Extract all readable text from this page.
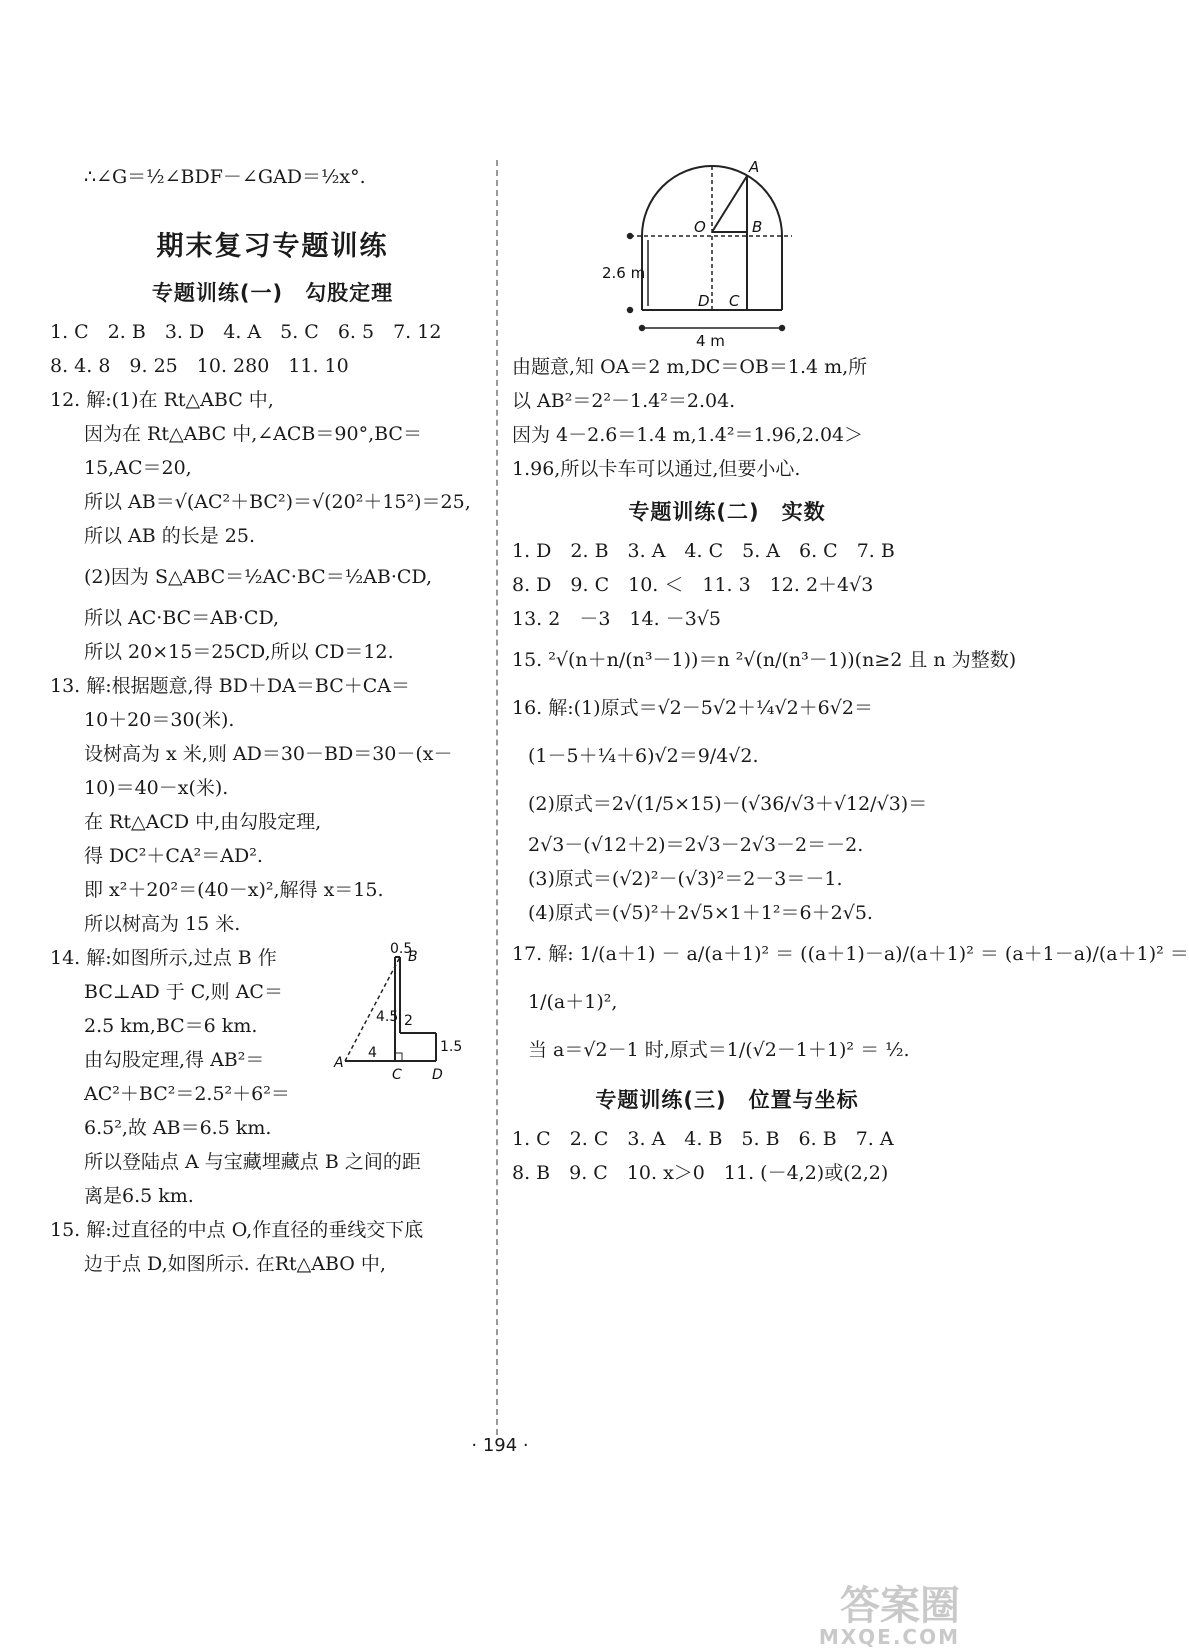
∴∠G＝½∠BDF－∠GAD＝½x°.
期末复习专题训练
专题训练(一)　勾股定理
1. C　2. B　3. D　4. A　5. C　6. 5　7. 12
8. 4. 8　9. 25　10. 280　11. 10
12. 解:(1)在 Rt△ABC 中,
因为在 Rt△ABC 中,∠ACB＝90°,BC＝
15,AC＝20,
所以 AB＝√(AC²＋BC²)＝√(20²＋15²)＝25,
所以 AB 的长是 25.
(2)因为 S△ABC＝½AC·BC＝½AB·CD,
所以 AC·BC＝AB·CD,
所以 20×15＝25CD,所以 CD＝12.
13. 解:根据题意,得 BD＋DA＝BC＋CA＝
10＋20＝30(米).
设树高为 x 米,则 AD＝30－BD＝30－(x－
10)＝40－x(米).
在 Rt△ACD 中,由勾股定理,
得 DC²＋CA²＝AD².
即 x²＋20²＝(40－x)²,解得 x＝15.
所以树高为 15 米.
14. 解:如图所示,过点 B 作
BC⊥AD 于 C,则 AC＝
2.5 km,BC＝6 km.
由勾股定理,得 AB²＝
AC²＋BC²＝2.5²＋6²＝
6.5²,故 AB＝6.5 km.
所以登陆点 A 与宝藏埋藏点 B 之间的距
离是6.5 km.
0.5
B
4.5 2
1.5
4
A
C D
15. 解:过直径的中点 O,作直径的垂线交下底
边于点 D,如图所示. 在Rt△ABO 中,
A
O	B
D C
2.6 m
4 m
由题意,知 OA＝2 m,DC＝OB＝1.4 m,所
以 AB²＝2²－1.4²＝2.04.
因为 4－2.6＝1.4 m,1.4²＝1.96,2.04＞
1.96,所以卡车可以通过,但要小心.
专题训练(二)　实数
1. D　2. B　3. A　4. C　5. A　6. C　7. B
8. D　9. C　10. ＜　11. 3　12. 2＋4√3
13. 2　－3　14. －3√5
15. ²√(n＋n/(n³－1))＝n ²√(n/(n³－1))(n≥2 且 n 为整数)
16. 解:(1)原式＝√2－5√2＋¼√2＋6√2＝
(1－5＋¼＋6)√2＝9/4√2.
(2)原式＝2√(1/5×15)－(√36/√3＋√12/√3)＝
2√3－(√12＋2)＝2√3－2√3－2＝－2.
(3)原式＝(√2)²－(√3)²＝2－3＝－1.
(4)原式＝(√5)²＋2√5×1＋1²＝6＋2√5.
17. 解: 1/(a＋1) － a/(a＋1)² ＝ ((a＋1)－a)/(a＋1)² ＝ (a＋1－a)/(a＋1)² ＝
1/(a＋1)²,
当 a＝√2－1 时,原式＝1/(√2－1＋1)² ＝ ½.
专题训练(三)　位置与坐标
1. C　2. C　3. A　4. B　5. B　6. B　7. A
8. B　9. C　10. x＞0　11. (－4,2)或(2,2)
· 194 ·
答案圈
MXQE.COM
